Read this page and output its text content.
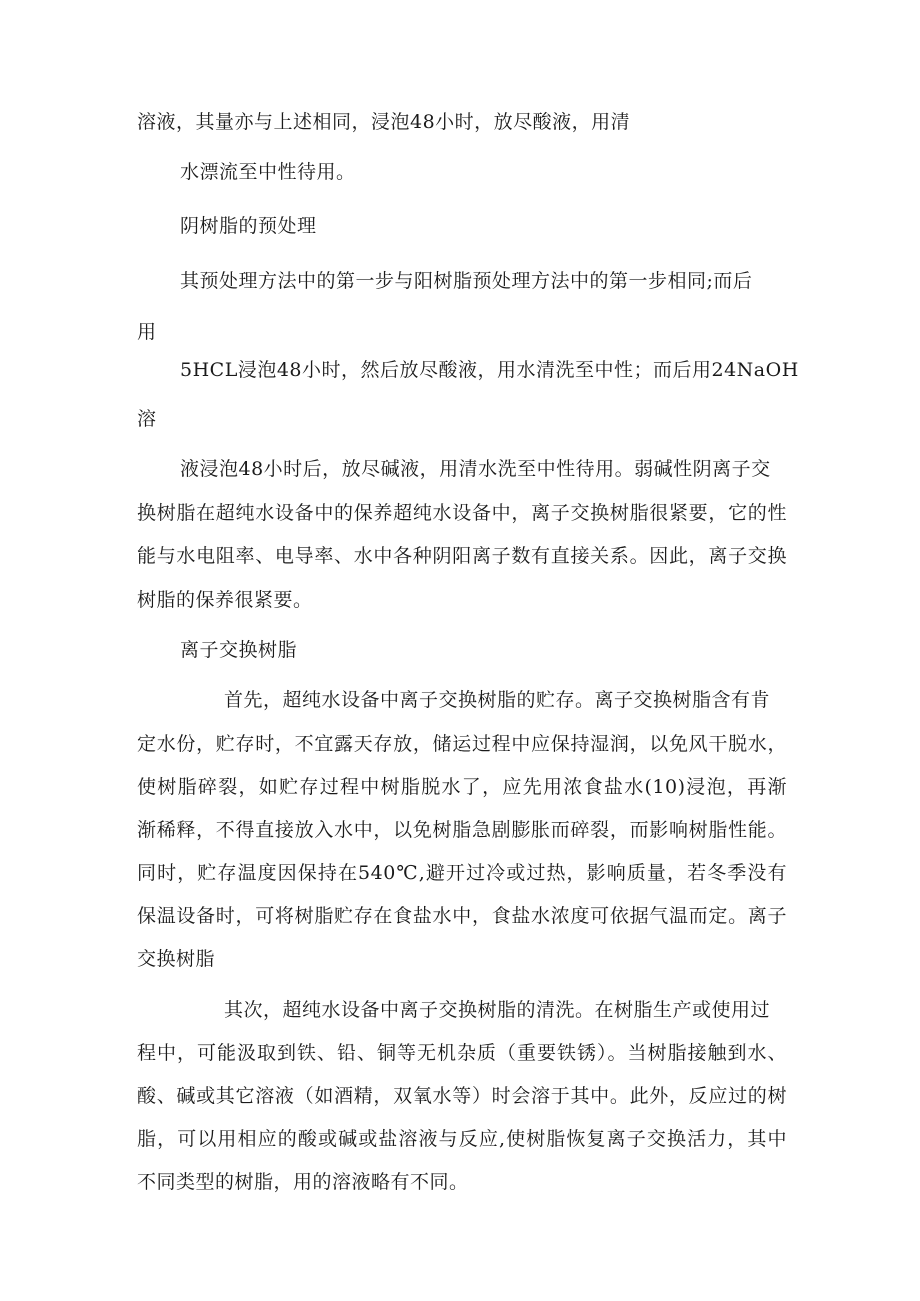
溶液，其量亦与上述相同，浸泡48小时，放尽酸液，用清
水漂流至中性待用。
阴树脂的预处理
其预处理方法中的第一步与阳树脂预处理方法中的第一步相同;而后
用
5HCL浸泡48小时，然后放尽酸液，用水清洗至中性；而后用24NaOH
溶
液浸泡48小时后，放尽碱液，用清水洗至中性待用。弱碱性阴离子交
换树脂在超纯水设备中的保养超纯水设备中，离子交换树脂很紧要，它的性
能与水电阻率、电导率、水中各种阴阳离子数有直接关系。因此，离子交换
树脂的保养很紧要。
离子交换树脂
首先，超纯水设备中离子交换树脂的贮存。离子交换树脂含有肯
定水份，贮存时，不宜露天存放，储运过程中应保持湿润，以免风干脱水，
使树脂碎裂，如贮存过程中树脂脱水了，应先用浓食盐水(10)浸泡，再渐
渐稀释，不得直接放入水中，以免树脂急剧膨胀而碎裂，而影响树脂性能。
同时，贮存温度因保持在540℃,避开过冷或过热，影响质量，若冬季没有
保温设备时，可将树脂贮存在食盐水中，食盐水浓度可依据气温而定。离子
交换树脂
其次，超纯水设备中离子交换树脂的清洗。在树脂生产或使用过
程中，可能汲取到铁、铅、铜等无机杂质（重要铁锈）。当树脂接触到水、
酸、碱或其它溶液（如酒精，双氧水等）时会溶于其中。此外，反应过的树
脂，可以用相应的酸或碱或盐溶液与反应,使树脂恢复离子交换活力，其中
不同类型的树脂，用的溶液略有不同。
